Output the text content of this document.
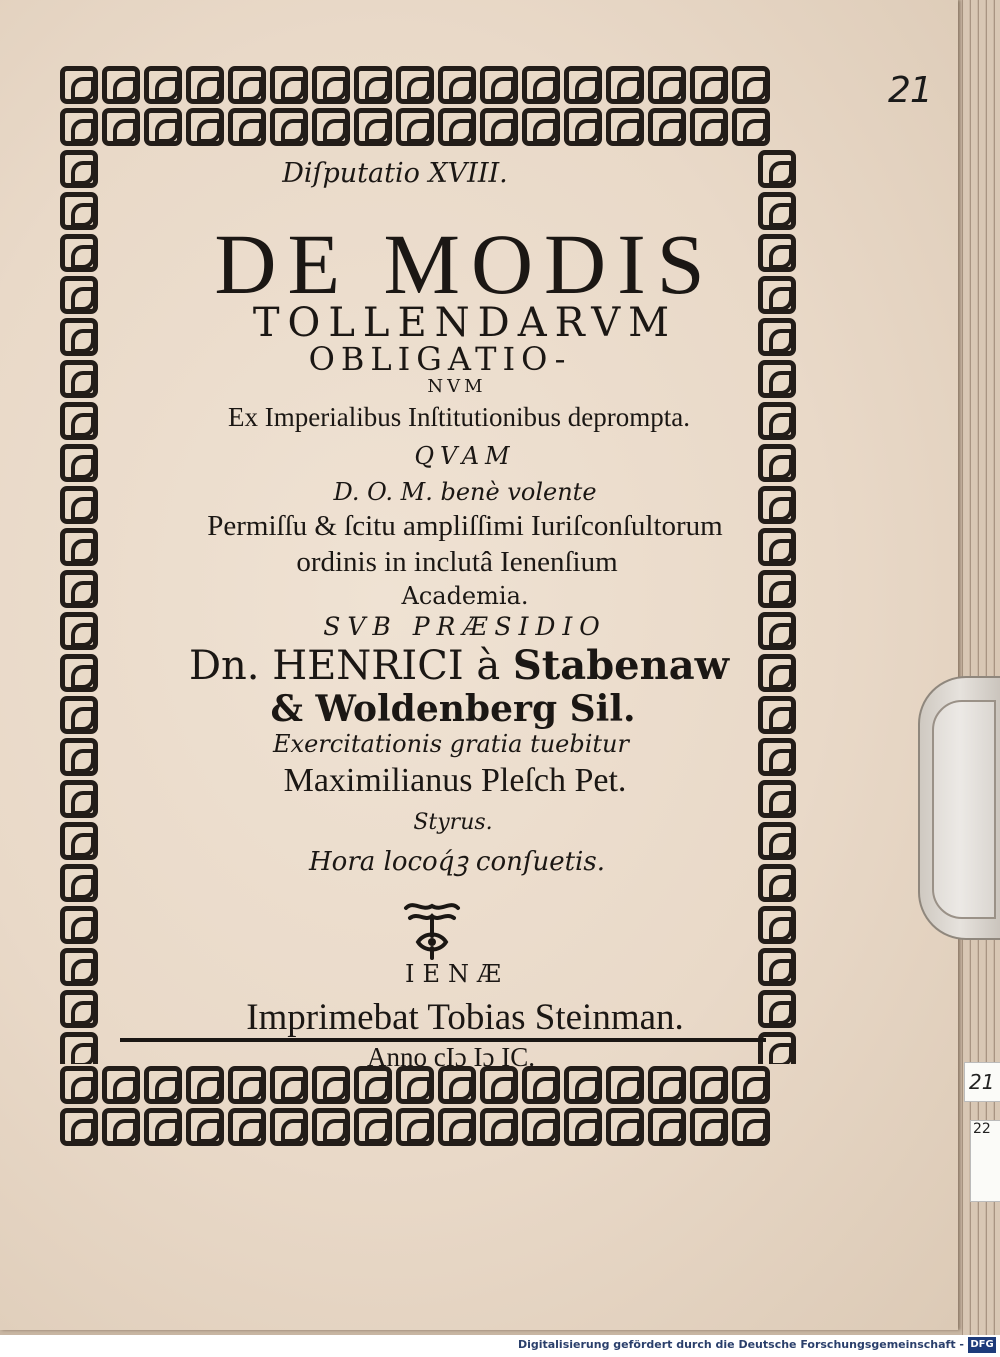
21
Diſputatio XVIII.
DE MODIS
TOLLENDARVM
OBLIGATIO-
NVM
Ex Imperialibus Inſtitutionibus deprompta.
QVAM
D. O. M. benè volente
Permiſſu & ſcitu ampliſſimi Iuriſconſultorum
ordinis in inclutâ Ienenſium
Academia.
SVB PRÆSIDIO
Dn. HENRICI à Stabenaw
& Woldenberg Sil.
Exercitationis gratia tuebitur
Maximilianus Pleſch Pet.
Styrus.
Hora locoq́ꝫ conſuetis.
IENÆ
Imprimebat Tobias Steinman.
Anno cIɔ Iɔ IC.
21
22
Digitalisierung gefördert durch die Deutsche Forschungsgemeinschaft - DFG
